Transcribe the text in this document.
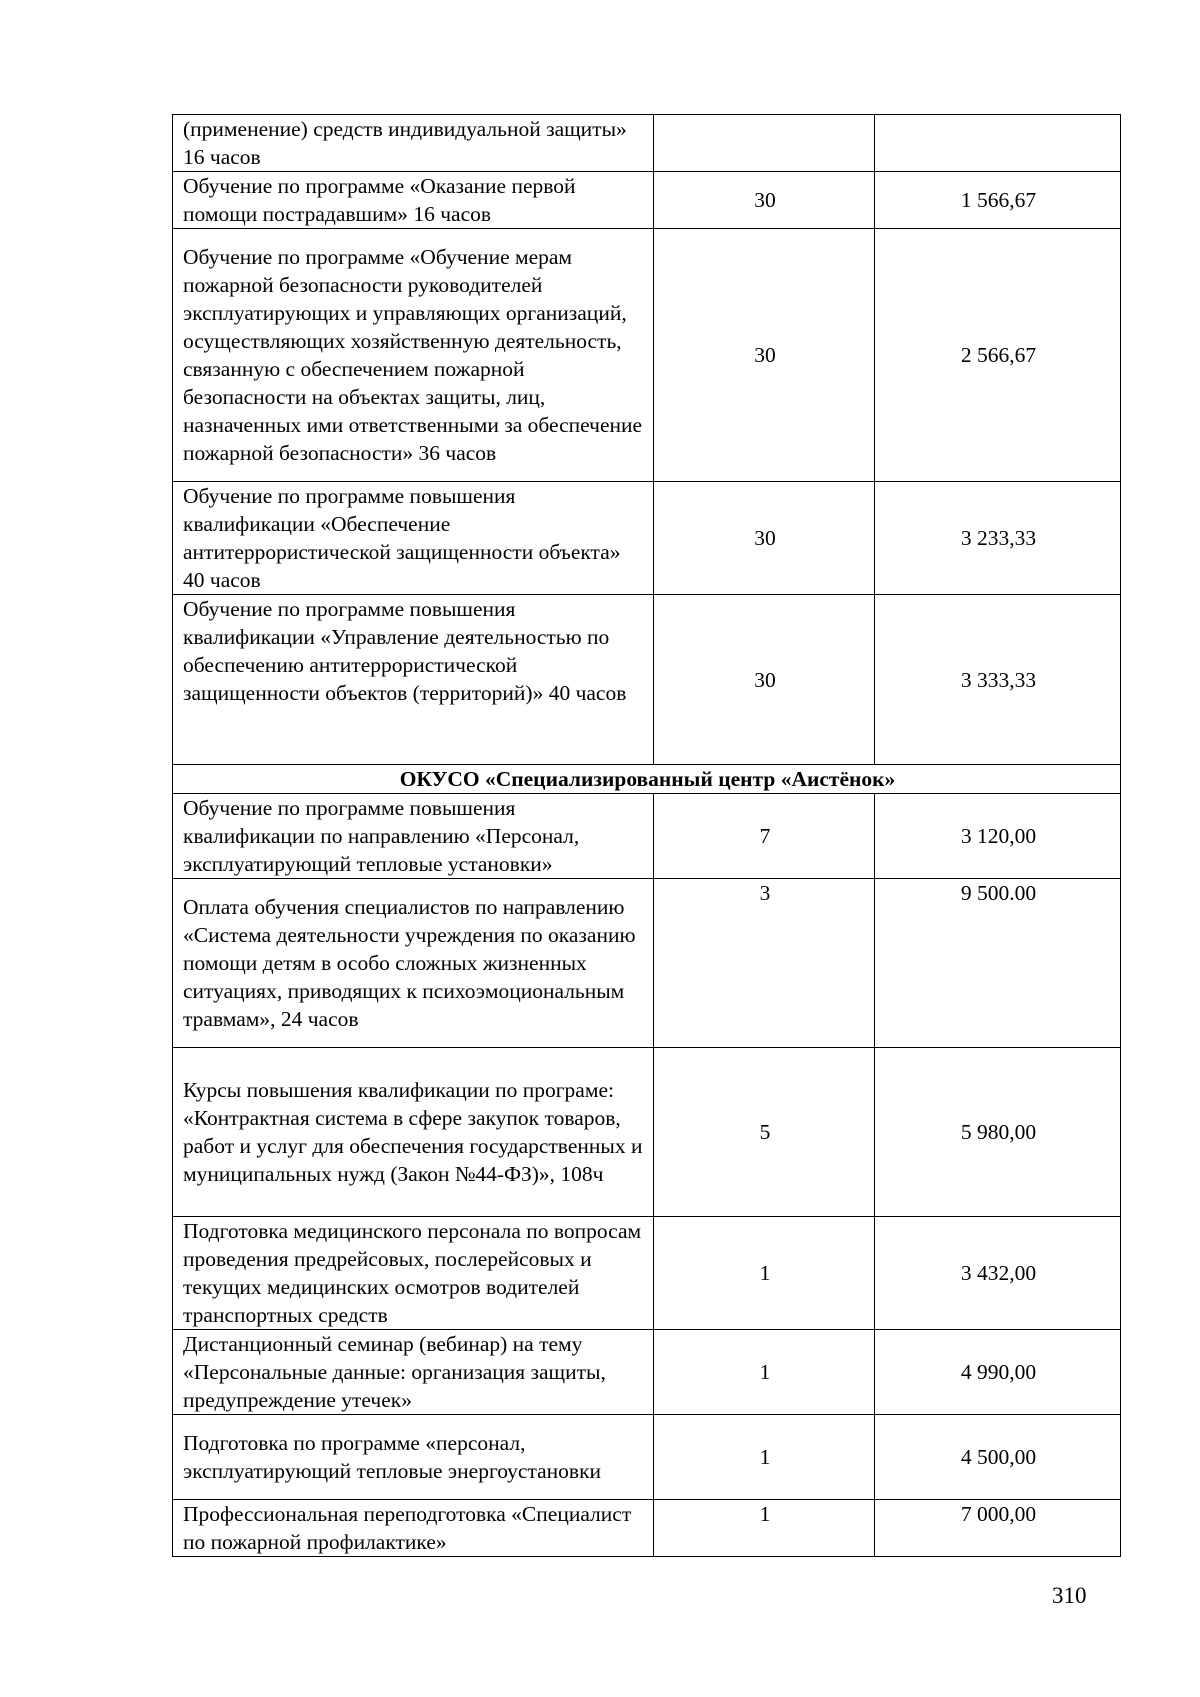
(применение) средств индивидуальной защиты» 16 часов		
Обучение по программе «Оказание первой помощи пострадавшим» 16 часов	30	1 566,67
Обучение по программе «Обучение мерам пожарной безопасности руководителей эксплуатирующих и управляющих организаций, осуществляющих хозяйственную деятельность, связанную с обеспечением пожарной безопасности на объектах защиты, лиц, назначенных ими ответственными за обеспечение пожарной безопасности» 36 часов	30	2 566,67
Обучение по программе повышения квалификации «Обеспечение антитеррористической защищенности объекта» 40 часов	30	3 233,33
Обучение по программе повышения квалификации «Управление деятельностью по обеспечению антитеррористической защищенности объектов (территорий)» 40 часов	30	3 333,33
ОКУСО «Специализированный центр «Аистёнок»		
Обучение по программе повышения квалификации по направлению «Персонал, эксплуатирующий тепловые установки»	7	3 120,00
Оплата обучения специалистов по направлению «Система деятельности учреждения по оказанию помощи детям в особо сложных жизненных ситуациях, приводящих к психоэмоциональным травмам», 24 часов	3	9 500.00
Курсы повышения квалификации по програме: «Контрактная система в сфере закупок товаров, работ и услуг для обеспечения государственных и муниципальных нужд (Закон №44-ФЗ)», 108ч	5	5 980,00
Подготовка медицинского персонала по вопросам проведения предрейсовых, послерейсовых и текущих медицинских осмотров водителей транспортных средств	1	3 432,00
Дистанционный семинар (вебинар) на тему «Персональные данные: организация защиты, предупреждение утечек»	1	4 990,00
Подготовка по программе «персонал, эксплуатирующий тепловые энергоустановки	1	4 500,00
Профессиональная переподготовка «Специалист по пожарной профилактике»	1	7 000,00
310
